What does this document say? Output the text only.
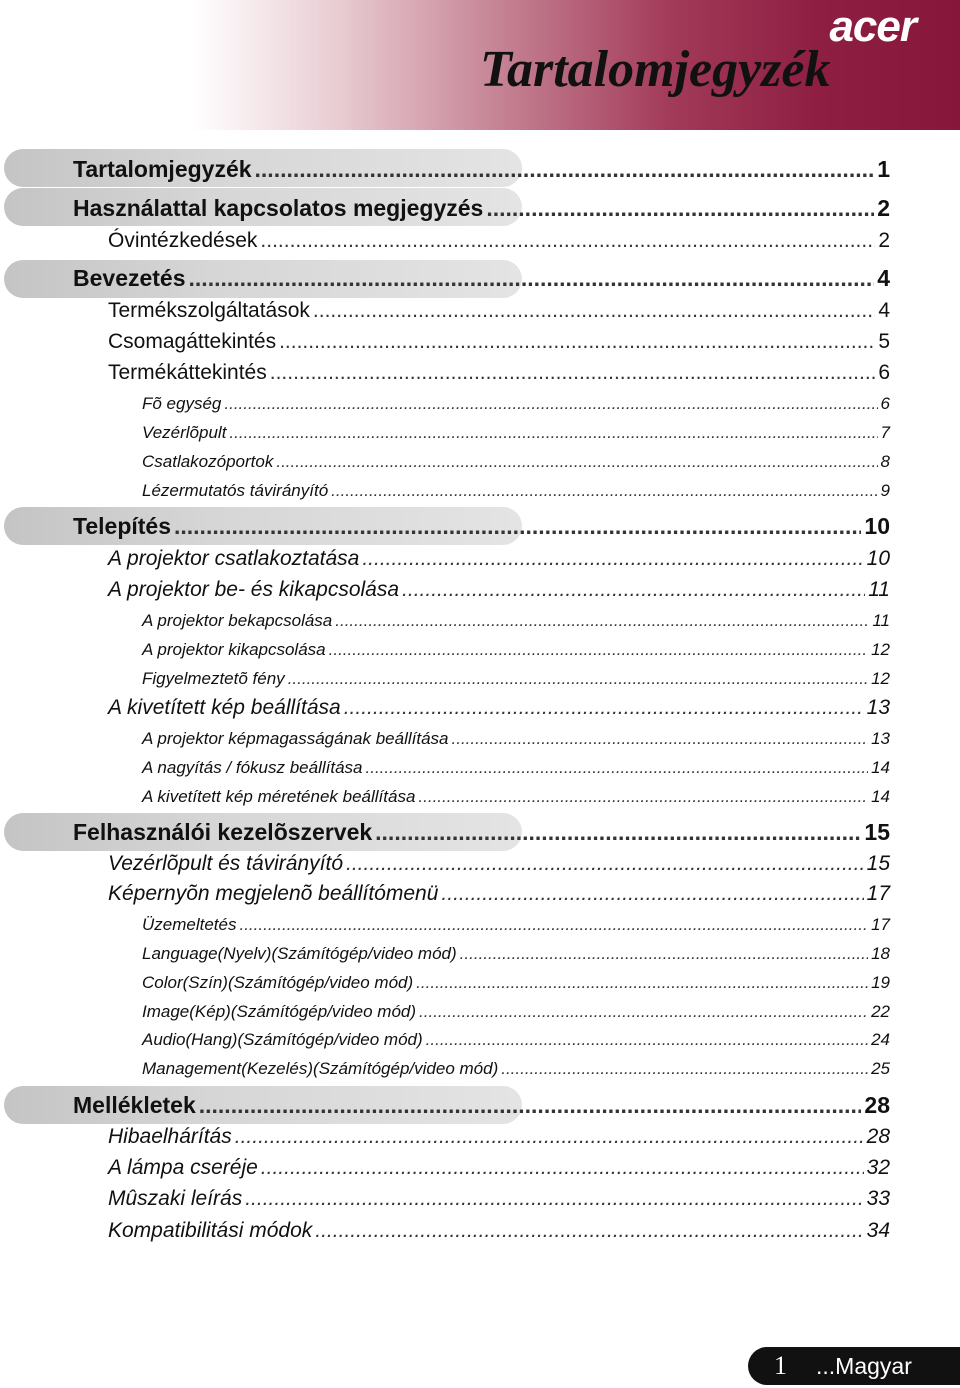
acer
Tartalomjegyzék
Tartalomjegyzék .....	1
Használattal kapcsolatos megjegyzés .....	2
Óvintézkedések .....	2
Bevezetés .....	4
Termékszolgáltatások .....	4
Csomagáttekintés .....	5
Termékáttekintés .....	6
Fõ egység .....	6
Vezérlõpult .....	7
Csatlakozóportok .....	8
Lézermutatós távirányító .....	9
Telepítés .....	10
A projektor csatlakoztatása .....	10
A projektor be- és kikapcsolása .....	11
A projektor bekapcsolása .....	11
A projektor kikapcsolása .....	12
Figyelmeztetõ fény .....	12
A kivetített kép beállítása .....	13
A projektor képmagasságának beállítása .....	13
A nagyítás / fókusz beállítása .....	14
A kivetített kép méretének beállítása .....	14
Felhasználói kezelõszervek .....	15
Vezérlõpult és távirányító .....	15
Képernyõn megjelenõ beállítómenü .....	17
Üzemeltetés .....	17
Language(Nyelv)(Számítógép/video mód) .....	18
Color(Szín)(Számítógép/video mód) .....	19
Image(Kép)(Számítógép/video mód) .....	22
Audio(Hang)(Számítógép/video mód) .....	24
Management(Kezelés)(Számítógép/video mód) .....	25
Mellékletek .....	28
Hibaelhárítás .....	28
A lámpa cseréje .....	32
Mûszaki leírás .....	33
Kompatibilitási módok .....	34
1	...Magyar
